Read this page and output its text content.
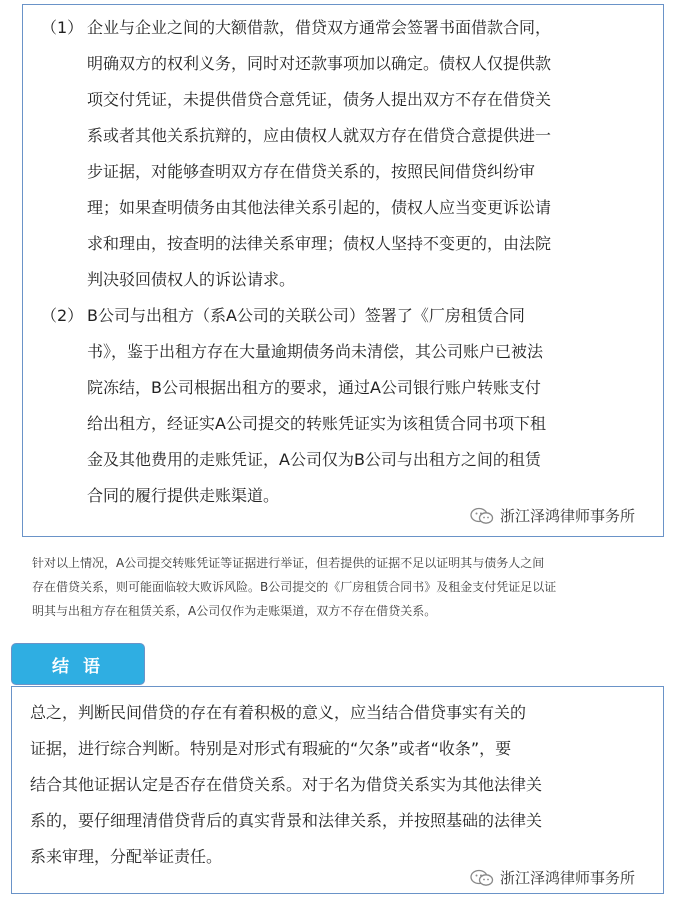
（1） 企业与企业之间的大额借款，借贷双方通常会签署书面借款合同，
明确双方的权利义务，同时对还款事项加以确定。债权人仅提供款
项交付凭证，未提供借贷合意凭证，债务人提出双方不存在借贷关
系或者其他关系抗辩的，应由债权人就双方存在借贷合意提供进一
步证据，对能够查明双方存在借贷关系的，按照民间借贷纠纷审
理；如果查明债务由其他法律关系引起的，债权人应当变更诉讼请
求和理由，按查明的法律关系审理；债权人坚持不变更的，由法院
判决驳回债权人的诉讼请求。
（2） B公司与出租方（系A公司的关联公司）签署了《厂房租赁合同
书》，鉴于出租方存在大量逾期债务尚未清偿，其公司账户已被法
院冻结，B公司根据出租方的要求，通过A公司银行账户转账支付
给出租方，经证实A公司提交的转账凭证实为该租赁合同书项下租
金及其他费用的走账凭证，A公司仅为B公司与出租方之间的租赁
合同的履行提供走账渠道。
浙江泽鸿律师事务所
针对以上情况，A公司提交转账凭证等证据进行举证，但若提供的证据不足以证明其与债务人之间
存在借贷关系，则可能面临较大败诉风险。B公司提交的《厂房租赁合同书》及租金支付凭证足以证
明其与出租方存在租赁关系，A公司仅作为走账渠道，双方不存在借贷关系。
结 语
总之，判断民间借贷的存在有着积极的意义，应当结合借贷事实有关的
证据，进行综合判断。特别是对形式有瑕疵的“欠条”或者“收条”，要
结合其他证据认定是否存在借贷关系。对于名为借贷关系实为其他法律关
系的，要仔细理清借贷背后的真实背景和法律关系，并按照基础的法律关
系来审理，分配举证责任。
浙江泽鸿律师事务所
